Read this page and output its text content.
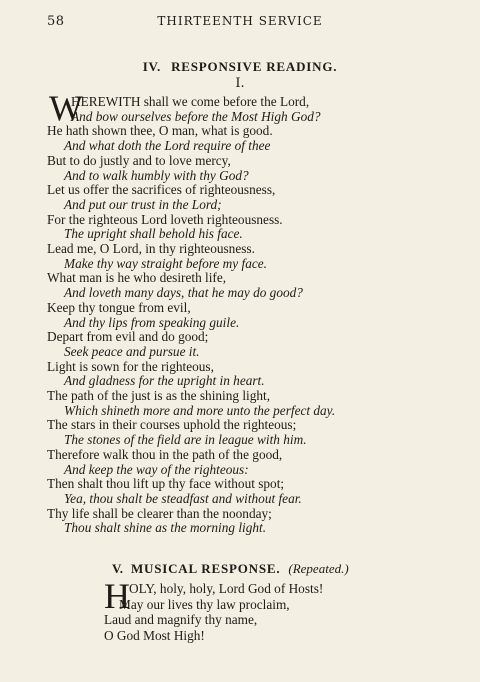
58	THIRTEENTH SERVICE
IV. RESPONSIVE READING.
I.
W
HEREWITH shall we come before the Lord,
And bow ourselves before the Most High God?
He hath shown thee, O man, what is good.
And what doth the Lord require of thee
But to do justly and to love mercy,
And to walk humbly with thy God?
Let us offer the sacrifices of righteousness,
And put our trust in the Lord;
For the righteous Lord loveth righteousness.
The upright shall behold his face.
Lead me, O Lord, in thy righteousness.
Make thy way straight before my face.
What man is he who desireth life,
And loveth many days, that he may do good?
Keep thy tongue from evil,
And thy lips from speaking guile.
Depart from evil and do good;
Seek peace and pursue it.
Light is sown for the righteous,
And gladness for the upright in heart.
The path of the just is as the shining light,
Which shineth more and more unto the perfect day.
The stars in their courses uphold the righteous;
The stones of the field are in league with him.
Therefore walk thou in the path of the good,
And keep the way of the righteous:
Then shalt thou lift up thy face without spot;
Yea, thou shalt be steadfast and without fear.
Thy life shall be clearer than the noonday;
Thou shalt shine as the morning light.
V. MUSICAL RESPONSE. (Repeated.)
H OLY, holy, holy, Lord God of Hosts!
May our lives thy law proclaim,
Laud and magnify thy name,
O God Most High!
